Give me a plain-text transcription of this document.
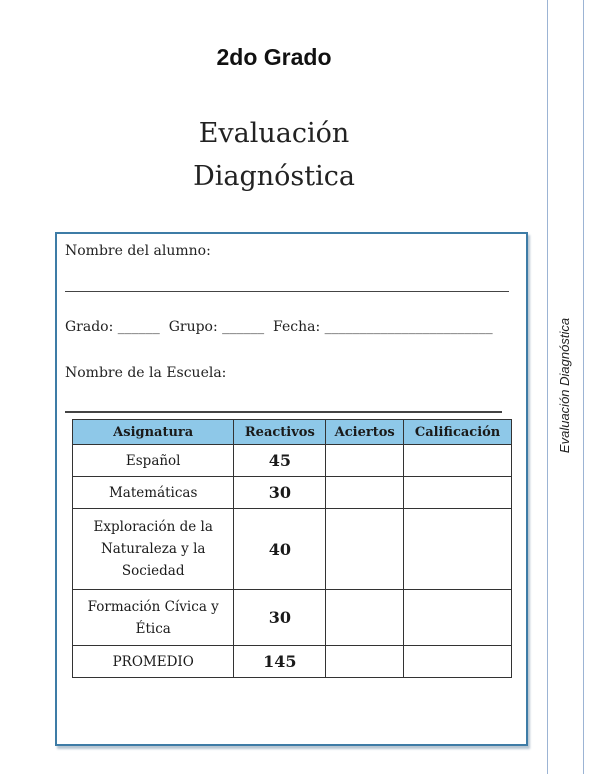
2do Grado
Evaluación
Diagnóstica
Evaluación Diagnóstica
Nombre del alumno:
Grado: ______ Grupo: ______ Fecha: ________________________
Nombre de la Escuela:
Asignatura	Reactivos	Aciertos	Calificación
Español	45		
Matemáticas	30		
Exploración de la Naturaleza y la Sociedad	40		
Formación Cívica y Ética	30		
PROMEDIO	145		
